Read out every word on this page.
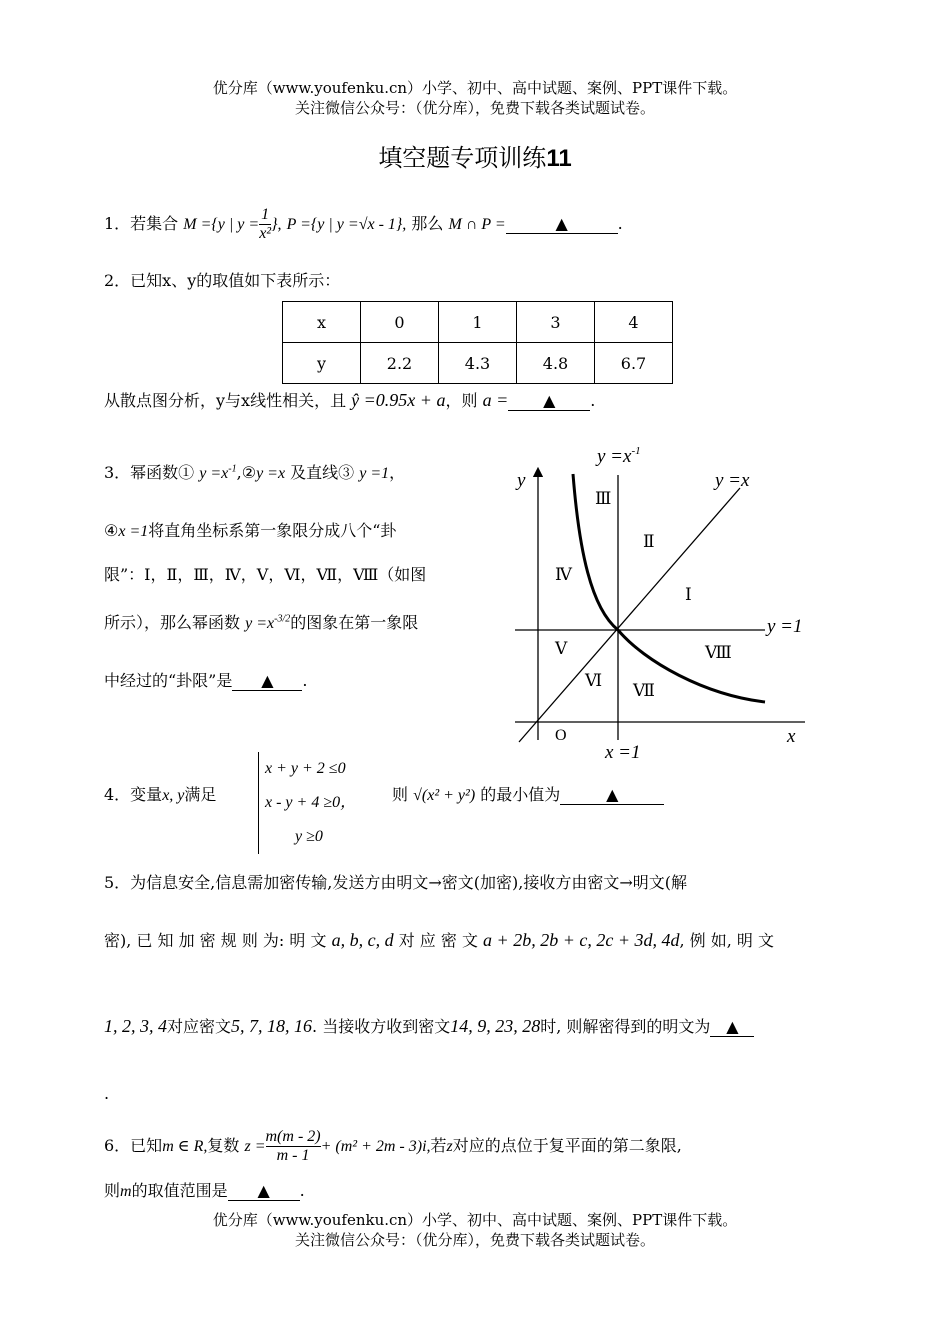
优分库（www.youfenku.cn）小学、初中、高中试题、案例、PPT课件下载。
关注微信公众号：（优分库），免费下载各类试题试卷。
填空题专项训练11
1．若集合 M ={y | $y = \frac{1}{\text{x²}}$ }, P ={y | y =√x - 1}, 那么 M ∩ P =	▲	.
2．已知x、y的取值如下表所示：
x	0	1	3	4
y	2.2	4.3	4.8	6.7
从散点图分析，y与x线性相关，且 ŷ =0.95x + a，则 a = ▲ .
3．幂函数① $y =x^{-1},②y =x$ 及直线③ y =1，
④x =1将直角坐标系第一象限分成八个“卦
限”：Ⅰ，Ⅱ，Ⅲ，Ⅳ，Ⅴ，Ⅵ，Ⅶ，Ⅷ（如图
所示），那么幂函数 $y =x^{-3/2}$的图象在第一象限
中经过的“卦限”是 ▲ .
$y =x^{-1}$
y	y =x
y =1
x
x =1
O
Ⅰ
Ⅱ
Ⅲ
Ⅳ
Ⅴ
Ⅵ Ⅶ
Ⅷ
4．变量x, y满足
x + y + 2 ≤0
x - y + 4 ≥0，
y ≥0
则 √(x² + y²) 的最小值为	▲
5．为信息安全,信息需加密传输,发送方由明文→密文(加密),接收方由密文→明文(解
密), 已 知 加 密 规 则 为: 明 文 a, b, c, d 对 应 密 文 a + 2b, 2b + c, 2c + 3d, 4d, 例 如, 明 文
1, 2, 3, 4对应密文5, 7, 18, 16. 当接收方收到密文14, 9, 23, 28时, 则解密得到的明文为 ▲
.
6．已知m ∈ R,复数 $z = \frac{m(m - 2)}{m - 1} + (m^2 + 2m - 3)i$,若z对应的点位于复平面的第二象限,
则m的取值范围是 ▲ .
优分库（www.youfenku.cn）小学、初中、高中试题、案例、PPT课件下载。
关注微信公众号：（优分库），免费下载各类试题试卷。
